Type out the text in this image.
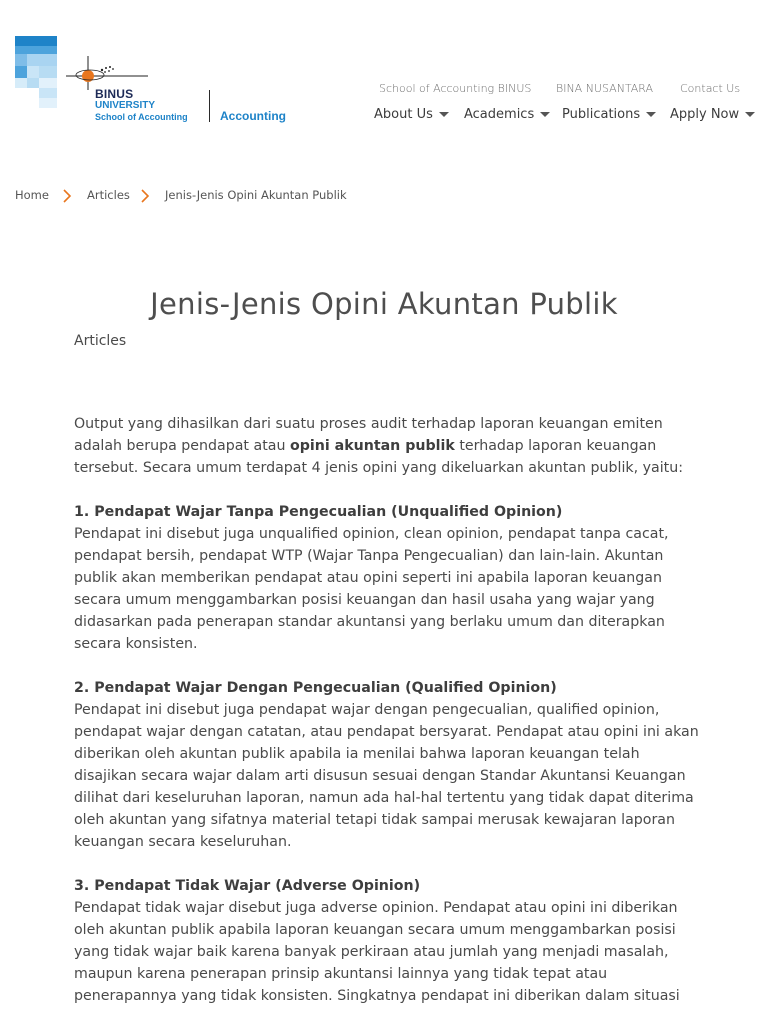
BINUS
UNIVERSITY
School of Accounting	Accounting
School of Accounting BINUS BINA NUSANTARA Contact Us
About Us Academics Publications Apply Now
Home	Articles	Jenis-Jenis Opini Akuntan Publik
Jenis-Jenis Opini Akuntan Publik
Articles

Output yang dihasilkan dari suatu proses audit terhadap laporan keuangan emiten adalah berupa pendapat atau opini akuntan publik terhadap laporan keuangan tersebut. Secara umum terdapat 4 jenis opini yang dikeluarkan akuntan publik, yaitu:

1. Pendapat Wajar Tanpa Pengecualian (Unqualified Opinion)
Pendapat ini disebut juga unqualified opinion, clean opinion, pendapat tanpa cacat, pendapat bersih, pendapat WTP (Wajar Tanpa Pengecualian) dan lain-lain. Akuntan publik akan memberikan pendapat atau opini seperti ini apabila laporan keuangan secara umum menggambarkan posisi keuangan dan hasil usaha yang wajar yang didasarkan pada penerapan standar akuntansi yang berlaku umum dan diterapkan secara konsisten.

2. Pendapat Wajar Dengan Pengecualian (Qualified Opinion)
Pendapat ini disebut juga pendapat wajar dengan pengecualian, qualified opinion, pendapat wajar dengan catatan, atau pendapat bersyarat. Pendapat atau opini ini akan diberikan oleh akuntan publik apabila ia menilai bahwa laporan keuangan telah disajikan secara wajar dalam arti disusun sesuai dengan Standar Akuntansi Keuangan dilihat dari keseluruhan laporan, namun ada hal-hal tertentu yang tidak dapat diterima oleh akuntan yang sifatnya material tetapi tidak sampai merusak kewajaran laporan keuangan secara keseluruhan.

3. Pendapat Tidak Wajar (Adverse Opinion)
Pendapat tidak wajar disebut juga adverse opinion. Pendapat atau opini ini diberikan oleh akuntan publik apabila laporan keuangan secara umum menggambarkan posisi yang tidak wajar baik karena banyak perkiraan atau jumlah yang menjadi masalah, maupun karena penerapan prinsip akuntansi lainnya yang tidak tepat atau penerapannya yang tidak konsisten. Singkatnya pendapat ini diberikan dalam situasi
